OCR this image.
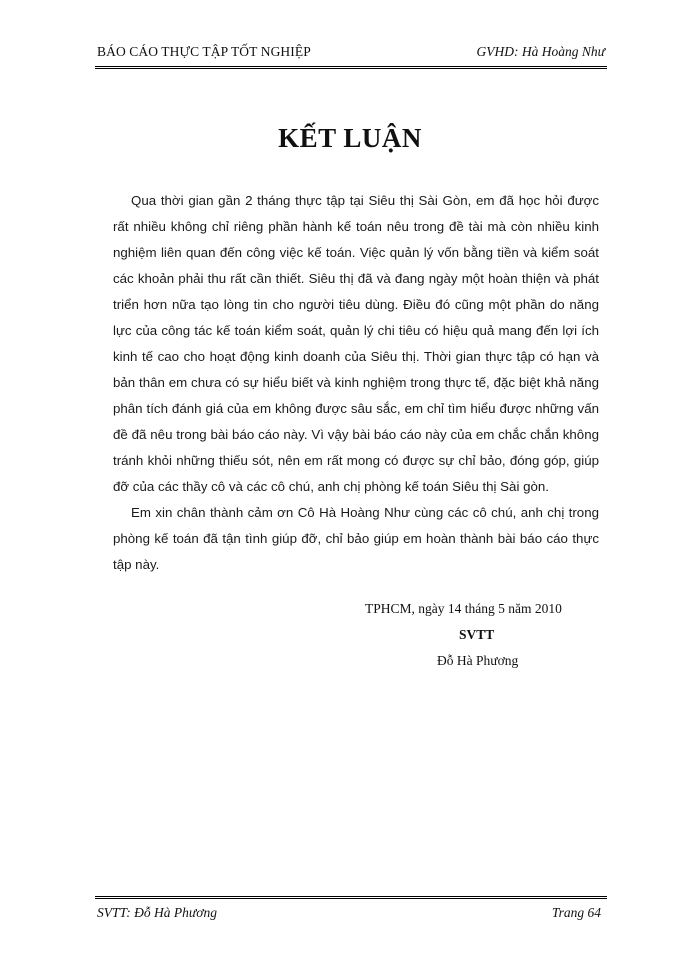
BÁO CÁO THỰC TẬP TỐT NGHIỆP	GVHD: Hà Hoàng Như
KẾT LUẬN

Qua thời gian gần 2 tháng thực tập tại Siêu thị Sài Gòn, em đã học hỏi được rất nhiều không chỉ riêng phần hành kế toán nêu trong đề tài mà còn nhiều kinh nghiệm liên quan đến công việc kế toán. Việc quản lý vốn bằng tiền và kiểm soát các khoản phải thu rất cần thiết. Siêu thị đã và đang ngày một hoàn thiện và phát triển hơn nữa tạo lòng tin cho người tiêu dùng. Điều đó cũng một phần do năng lực của công tác kế toán kiểm soát, quản lý chi tiêu có hiệu quả mang đến lợi ích kinh tế cao cho hoạt động kinh doanh của Siêu thị. Thời gian thực tập có hạn và bản thân em chưa có sự hiểu biết và kinh nghiệm trong thực tế, đặc biệt khả năng phân tích đánh giá của em không được sâu sắc, em chỉ tìm hiểu được những vấn đề đã nêu trong bài báo cáo này. Vì vậy bài báo cáo này của em chắc chắn không tránh khỏi những thiếu sót, nên em rất mong có được sự chỉ bảo, đóng góp, giúp đỡ của các thầy cô và các cô chú, anh chị phòng kế toán Siêu thị Sài gòn.

Em xin chân thành cảm ơn Cô Hà Hoàng Như cùng các cô chú, anh chị trong phòng kế toán đã tận tình giúp đỡ, chỉ bảo giúp em hoàn thành bài báo cáo thực tập này.

TPHCM, ngày 14 tháng 5 năm 2010
SVTT
Đỗ Hà Phương
SVTT: Đỗ Hà Phương	Trang 64
